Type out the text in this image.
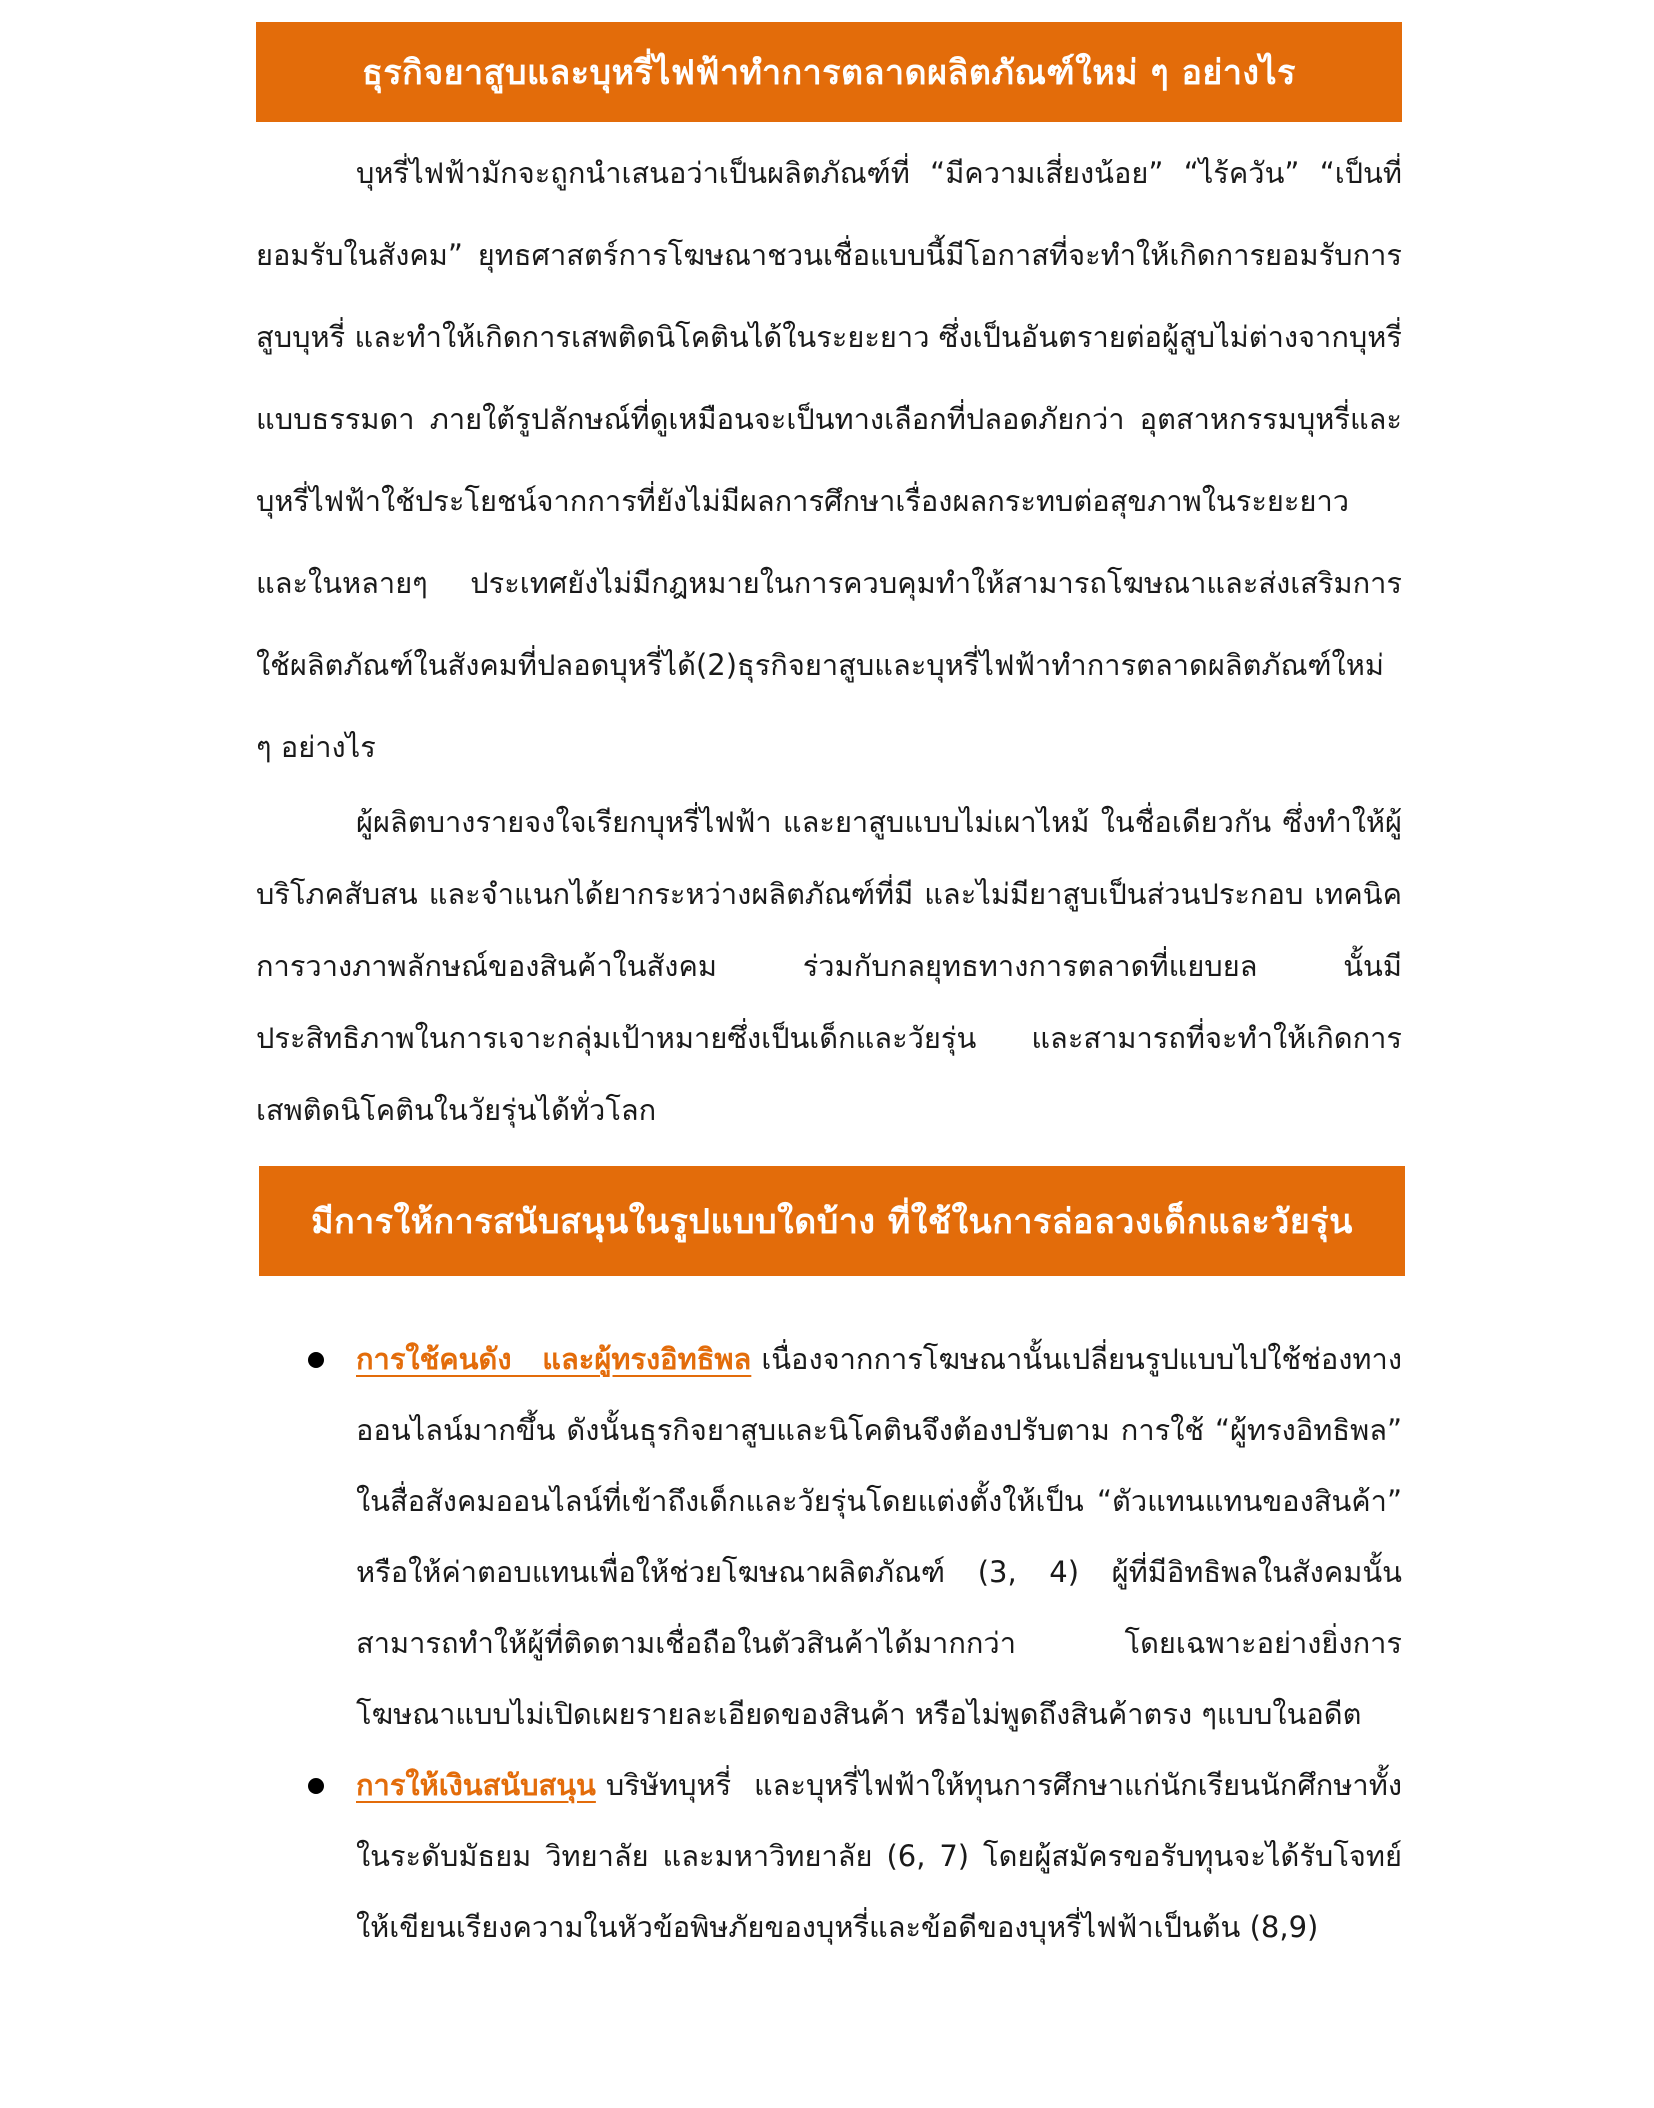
ธุรกิจยาสูบและบุหรี่ไฟฟ้าทำการตลาดผลิตภัณฑ์ใหม่ ๆ อย่างไร

บุหรี่ไฟฟ้ามักจะถูกนำเสนอว่าเป็นผลิตภัณฑ์ที่ “มีความเสี่ยงน้อย” “ไร้ควัน” “เป็นที่ยอมรับในสังคม” ยุทธศาสตร์การโฆษณาชวนเชื่อแบบนี้มีโอกาสที่จะทำให้เกิดการยอมรับการสูบบุหรี่ และทำให้เกิดการเสพติดนิโคตินได้ในระยะยาว ซึ่งเป็นอันตรายต่อผู้สูบไม่ต่างจากบุหรี่แบบธรรมดา ภายใต้รูปลักษณ์ที่ดูเหมือนจะเป็นทางเลือกที่ปลอดภัยกว่า อุตสาหกรรมบุหรี่และบุหรี่ไฟฟ้าใช้ประโยชน์จากการที่ยังไม่มีผลการศึกษาเรื่องผลกระทบต่อสุขภาพในระยะยาว และในหลายๆ ประเทศยังไม่มีกฎหมายในการควบคุมทำให้สามารถโฆษณาและส่งเสริมการใช้ผลิตภัณฑ์ในสังคมที่ปลอดบุหรี่ได้(2)ธุรกิจยาสูบและบุหรี่ไฟฟ้าทำการตลาดผลิตภัณฑ์ใหม่ ๆ อย่างไร

ผู้ผลิตบางรายจงใจเรียกบุหรี่ไฟฟ้า และยาสูบแบบไม่เผาไหม้ ในชื่อเดียวกัน ซึ่งทำให้ผู้บริโภคสับสน และจำแนกได้ยากระหว่างผลิตภัณฑ์ที่มี และไม่มียาสูบเป็นส่วนประกอบ เทคนิคการวางภาพลักษณ์ของสินค้าในสังคม ร่วมกับกลยุทธทางการตลาดที่แยบยล นั้นมีประสิทธิภาพในการเจาะกลุ่มเป้าหมายซึ่งเป็นเด็กและวัยรุ่น และสามารถที่จะทำให้เกิดการเสพติดนิโคตินในวัยรุ่นได้ทั่วโลก

มีการให้การสนับสนุนในรูปแบบใดบ้าง ที่ใช้ในการล่อลวงเด็กและวัยรุ่น
การใช้คนดัง และผู้ทรงอิทธิพล เนื่องจากการโฆษณานั้นเปลี่ยนรูปแบบไปใช้ช่องทางออนไลน์มากขึ้น ดังนั้นธุรกิจยาสูบและนิโคตินจึงต้องปรับตาม การใช้ “ผู้ทรงอิทธิพล” ในสื่อสังคมออนไลน์ที่เข้าถึงเด็กและวัยรุ่นโดยแต่งตั้งให้เป็น “ตัวแทนแทนของสินค้า” หรือให้ค่าตอบแทนเพื่อให้ช่วยโฆษณาผลิตภัณฑ์ (3, 4) ผู้ที่มีอิทธิพลในสังคมนั้นสามารถทำให้ผู้ที่ติดตามเชื่อถือในตัวสินค้าได้มากกว่า โดยเฉพาะอย่างยิ่งการโฆษณาแบบไม่เปิดเผยรายละเอียดของสินค้า หรือไม่พูดถึงสินค้าตรง ๆแบบในอดีต
การให้เงินสนับสนุน บริษัทบุหรี่ และบุหรี่ไฟฟ้าให้ทุนการศึกษาแก่นักเรียนนักศึกษาทั้งในระดับมัธยม วิทยาลัย และมหาวิทยาลัย (6, 7) โดยผู้สมัครขอรับทุนจะได้รับโจทย์ให้เขียนเรียงความในหัวข้อพิษภัยของบุหรี่และข้อดีของบุหรี่ไฟฟ้าเป็นต้น (8,9)
